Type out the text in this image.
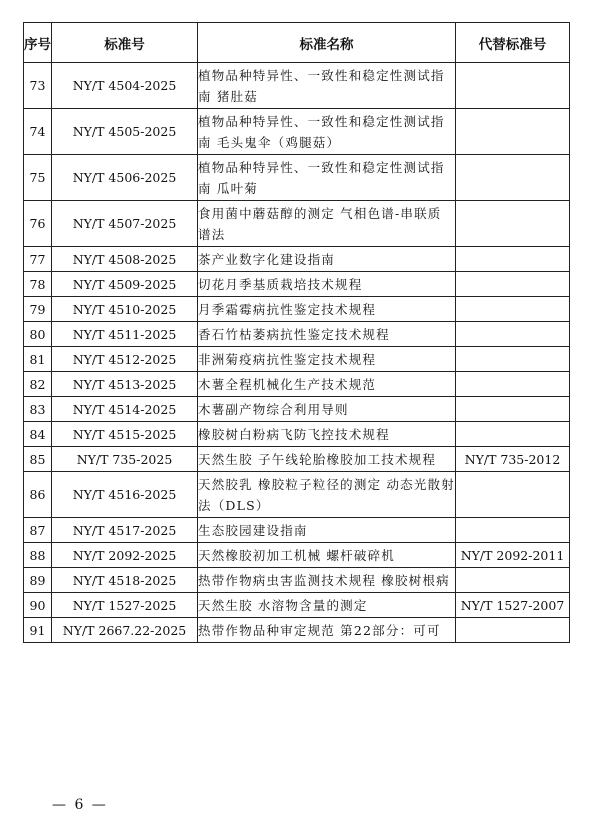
序号	标准号	标准名称	代替标准号
73	NY/T 4504-2025	植物品种特异性、一致性和稳定性测试指南 猪肚菇	
74	NY/T 4505-2025	植物品种特异性、一致性和稳定性测试指南 毛头鬼伞（鸡腿菇）	
75	NY/T 4506-2025	植物品种特异性、一致性和稳定性测试指南 瓜叶菊	
76	NY/T 4507-2025	食用菌中蘑菇醇的测定 气相色谱-串联质谱法	
77	NY/T 4508-2025	茶产业数字化建设指南	
78	NY/T 4509-2025	切花月季基质栽培技术规程	
79	NY/T 4510-2025	月季霜霉病抗性鉴定技术规程	
80	NY/T 4511-2025	香石竹枯萎病抗性鉴定技术规程	
81	NY/T 4512-2025	非洲菊疫病抗性鉴定技术规程	
82	NY/T 4513-2025	木薯全程机械化生产技术规范	
83	NY/T 4514-2025	木薯副产物综合利用导则	
84	NY/T 4515-2025	橡胶树白粉病飞防飞控技术规程	
85	NY/T 735-2025	天然生胶 子午线轮胎橡胶加工技术规程	NY/T 735-2012
86	NY/T 4516-2025	天然胶乳 橡胶粒子粒径的测定 动态光散射法（DLS）	
87	NY/T 4517-2025	生态胶园建设指南	
88	NY/T 2092-2025	天然橡胶初加工机械 螺杆破碎机	NY/T 2092-2011
89	NY/T 4518-2025	热带作物病虫害监测技术规程 橡胶树根病	
90	NY/T 1527-2025	天然生胶 水溶物含量的测定	NY/T 1527-2007
91	NY/T 2667.22-2025	热带作物品种审定规范 第22部分：可可	
— 6 —
